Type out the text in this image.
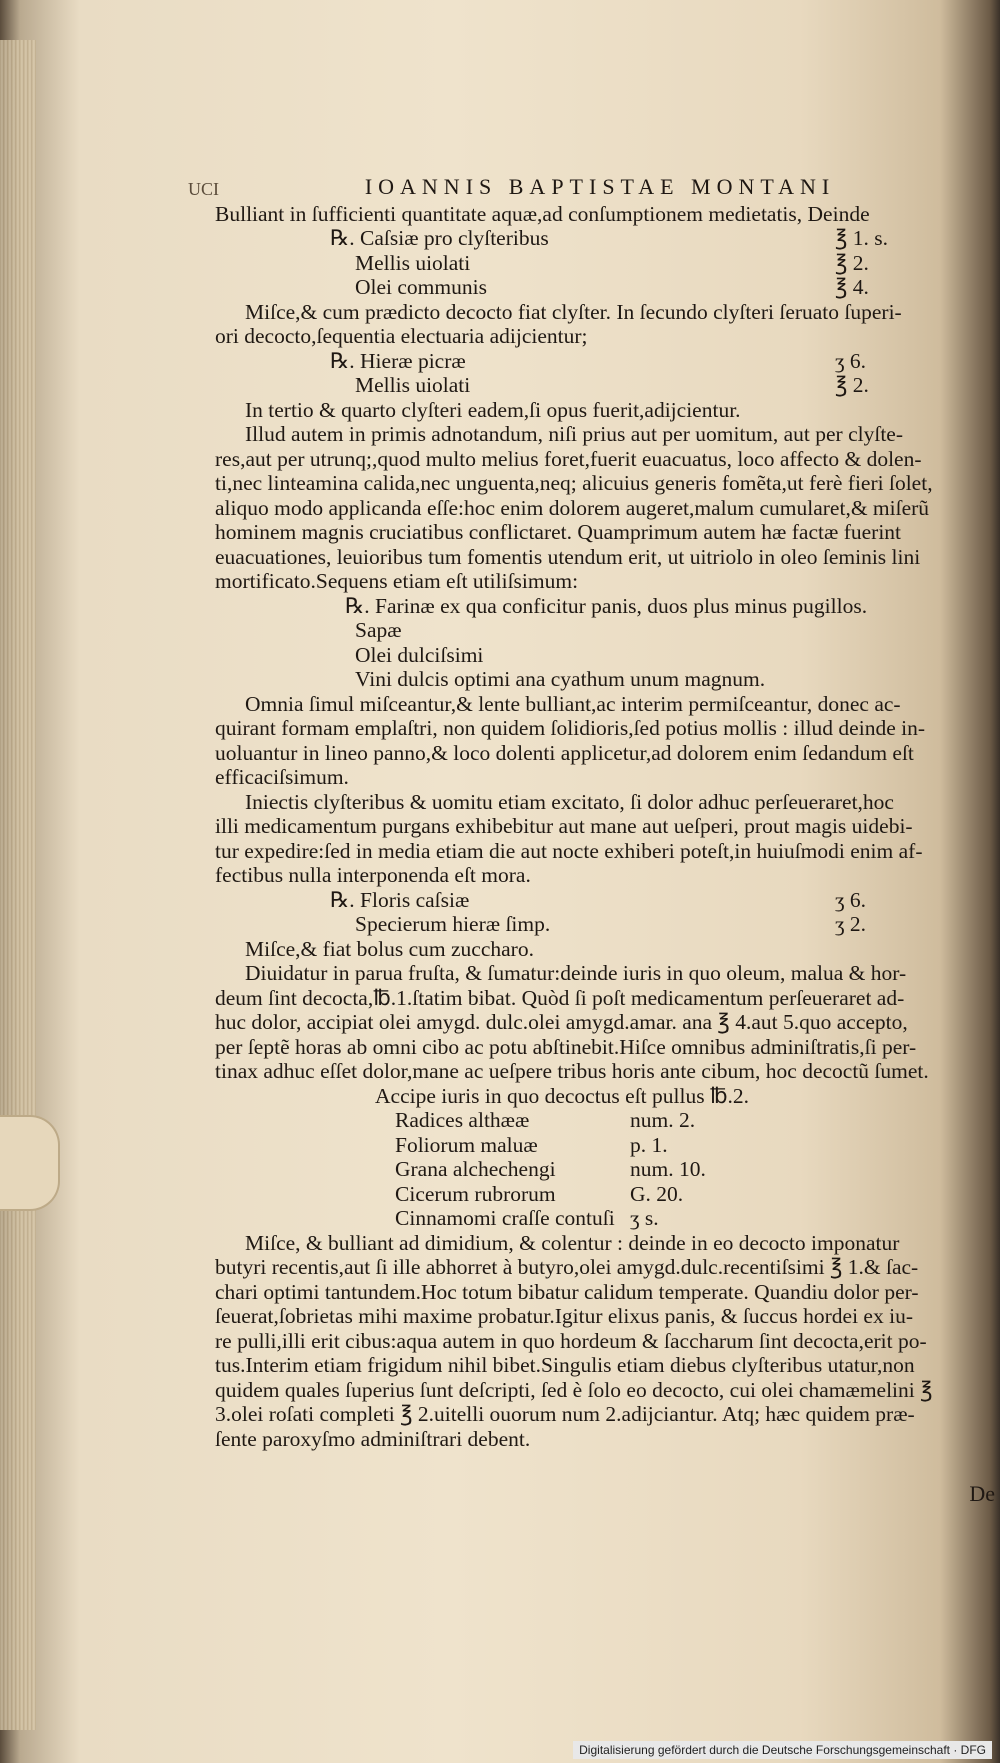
UCI	IOANNIS BAPTISTAE MONTANI
Bulliant in ſufficienti quantitate aquæ,ad conſumptionem medietatis, Deinde
℞. Caſsiæ pro clyſteribus	℥ 1. s.
Mellis uiolati	℥ 2.
Olei communis	℥ 4.
Miſce,& cum prædicto decocto fiat clyſter. In ſecundo clyſteri ſeruato ſuperi-
ori decocto,ſequentia electuaria adijcientur;
℞. Hieræ picræ	ʒ 6.
Mellis uiolati	℥ 2.
In tertio & quarto clyſteri eadem,ſi opus fuerit,adijcientur.
Illud autem in primis adnotandum, niſi prius aut per uomitum, aut per clyſte-
res,aut per utrunq;,quod multo melius foret,fuerit euacuatus, loco affecto & dolen-
ti,nec linteamina calida,nec unguenta,neq; alicuius generis fomẽta,ut ferè fieri ſolet,
aliquo modo applicanda eſſe:hoc enim dolorem augeret,malum cumularet,& miſerũ
hominem magnis cruciatibus conflictaret. Quamprimum autem hæ factæ fuerint
euacuationes, leuioribus tum fomentis utendum erit, ut uitriolo in oleo ſeminis lini
mortificato.Sequens etiam eſt utiliſsimum:
℞. Farinæ ex qua conficitur panis, duos plus minus pugillos.
Sapæ
Olei dulciſsimi
Vini dulcis optimi ana cyathum unum magnum.
Omnia ſimul miſceantur,& lente bulliant,ac interim permiſceantur, donec ac-
quirant formam emplaſtri, non quidem ſolidioris,ſed potius mollis : illud deinde in-
uoluantur in lineo panno,& loco dolenti applicetur,ad dolorem enim ſedandum eſt
efficaciſsimum.
Iniectis clyſteribus & uomitu etiam excitato, ſi dolor adhuc perſeueraret,hoc
illi medicamentum purgans exhibebitur aut mane aut ueſperi, prout magis uidebi-
tur expedire:ſed in media etiam die aut nocte exhiberi poteſt,in huiuſmodi enim af-
fectibus nulla interponenda eſt mora.
℞. Floris caſsiæ	ʒ 6.
Specierum hieræ ſimp.	ʒ 2.
Miſce,& fiat bolus cum zuccharo.
Diuidatur in parua fruſta, & ſumatur:deinde iuris in quo oleum, malua & hor-
deum ſint decocta,℔.1.ſtatim bibat. Quòd ſi poſt medicamentum perſeueraret ad-
huc dolor, accipiat olei amygd. dulc.olei amygd.amar. ana ℥ 4.aut 5.quo accepto,
per ſeptẽ horas ab omni cibo ac potu abſtinebit.Hiſce omnibus adminiſtratis,ſi per-
tinax adhuc eſſet dolor,mane ac ueſpere tribus horis ante cibum, hoc decoctũ ſumet.
Accipe iuris in quo decoctus eſt pullus ℔.2.
Radices althææ	num. 2.
Foliorum maluæ	p. 1.
Grana alchechengi	num. 10.
Cicerum rubrorum	G. 20.
Cinnamomi craſſe contuſi ʒ s.
Miſce, & bulliant ad dimidium, & colentur : deinde in eo decocto imponatur
butyri recentis,aut ſi ille abhorret à butyro,olei amygd.dulc.recentiſsimi ℥ 1.& ſac-
chari optimi tantundem.Hoc totum bibatur calidum temperate. Quandiu dolor per-
ſeuerat,ſobrietas mihi maxime probatur.Igitur elixus panis, & ſuccus hordei ex iu-
re pulli,illi erit cibus:aqua autem in quo hordeum & ſaccharum ſint decocta,erit po-
tus.Interim etiam frigidum nihil bibet.Singulis etiam diebus clyſteribus utatur,non
quidem quales ſuperius ſunt deſcripti, ſed è ſolo eo decocto, cui olei chamæmelini ℥
3.olei roſati completi ℥ 2.uitelli ouorum num 2.adijciantur. Atq; hæc quidem præ-
ſente paroxyſmo adminiſtrari debent.
De
Digitalisierung gefördert durch die Deutsche Forschungsgemeinschaft · DFG
